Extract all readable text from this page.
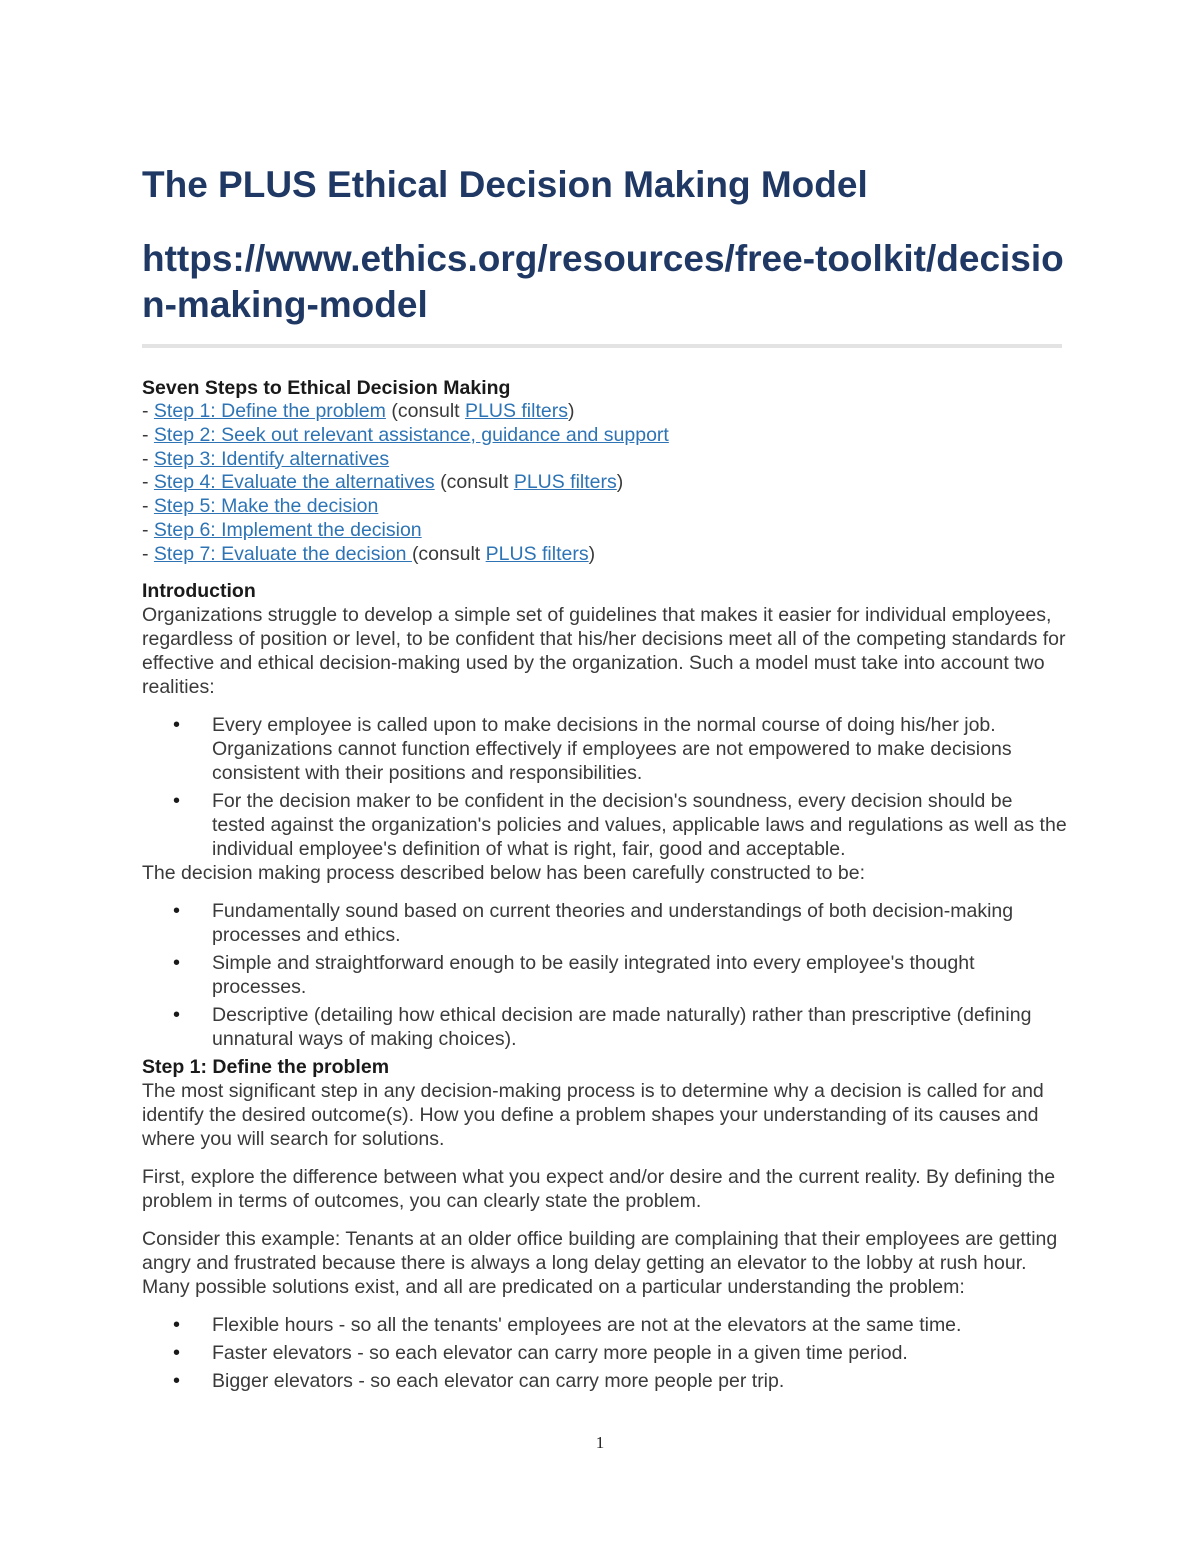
The PLUS Ethical Decision Making Model
https://www.ethics.org/resources/free-toolkit/decision-making-model
Seven Steps to Ethical Decision Making
- Step 1: Define the problem (consult PLUS filters)
- Step 2: Seek out relevant assistance, guidance and support
- Step 3: Identify alternatives
- Step 4: Evaluate the alternatives (consult PLUS filters)
- Step 5: Make the decision
- Step 6: Implement the decision
- Step 7: Evaluate the decision (consult PLUS filters)
Introduction

Organizations struggle to develop a simple set of guidelines that makes it easier for individual employees, regardless of position or level, to be confident that his/her decisions meet all of the competing standards for effective and ethical decision-making used by the organization. Such a model must take into account two realities:

• Every employee is called upon to make decisions in the normal course of doing his/her job. Organizations cannot function effectively if employees are not empowered to make decisions consistent with their positions and responsibilities.
• For the decision maker to be confident in the decision's soundness, every decision should be tested against the organization's policies and values, applicable laws and regulations as well as the individual employee's definition of what is right, fair, good and acceptable.

The decision making process described below has been carefully constructed to be:

• Fundamentally sound based on current theories and understandings of both decision-making processes and ethics.
• Simple and straightforward enough to be easily integrated into every employee's thought processes.
• Descriptive (detailing how ethical decision are made naturally) rather than prescriptive (defining unnatural ways of making choices).
Step 1: Define the problem

The most significant step in any decision-making process is to determine why a decision is called for and identify the desired outcome(s). How you define a problem shapes your understanding of its causes and where you will search for solutions.

First, explore the difference between what you expect and/or desire and the current reality. By defining the problem in terms of outcomes, you can clearly state the problem.

Consider this example: Tenants at an older office building are complaining that their employees are getting angry and frustrated because there is always a long delay getting an elevator to the lobby at rush hour. Many possible solutions exist, and all are predicated on a particular understanding the problem:

• Flexible hours - so all the tenants' employees are not at the elevators at the same time.
• Faster elevators - so each elevator can carry more people in a given time period.
• Bigger elevators - so each elevator can carry more people per trip.
1
